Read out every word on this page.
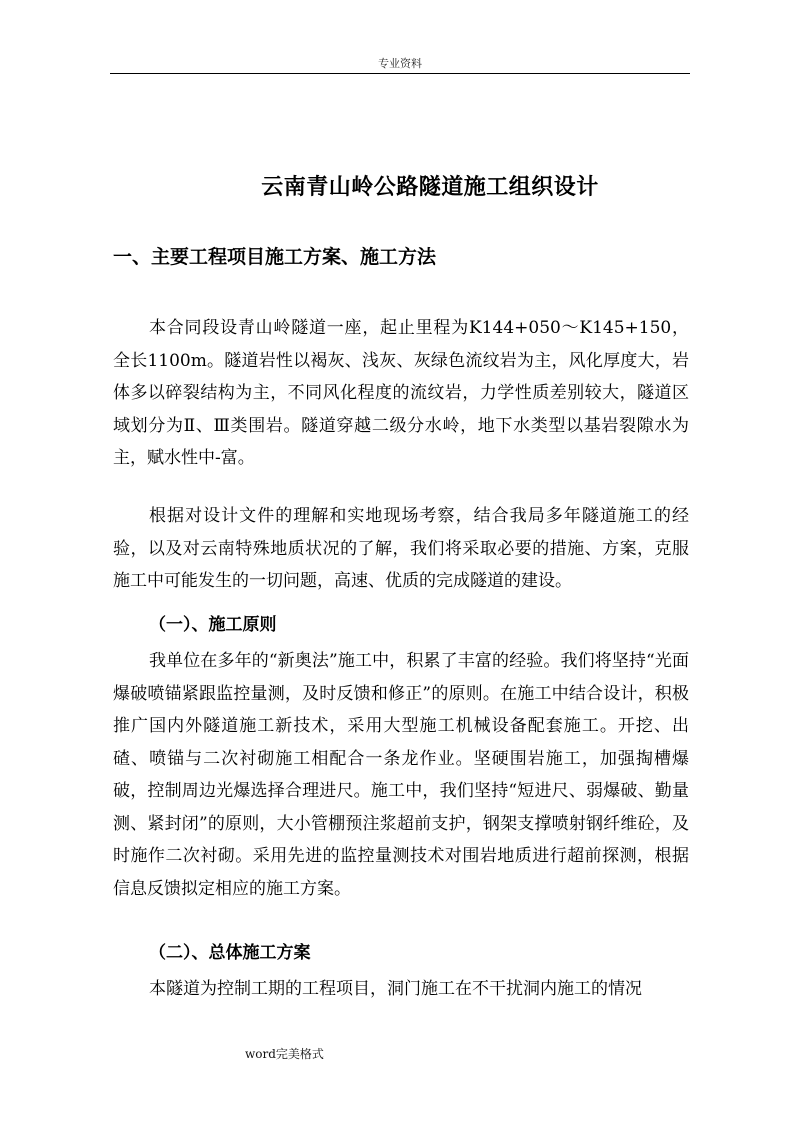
专业资料
云南青山岭公路隧道施工组织设计
一、主要工程项目施工方案、施工方法

本合同段设青山岭隧道一座，起止里程为K144+050～K145+150，全长1100m。隧道岩性以褐灰、浅灰、灰绿色流纹岩为主，风化厚度大，岩体多以碎裂结构为主，不同风化程度的流纹岩，力学性质差别较大，隧道区域划分为Ⅱ、Ⅲ类围岩。隧道穿越二级分水岭，地下水类型以基岩裂隙水为主，赋水性中-富。

根据对设计文件的理解和实地现场考察，结合我局多年隧道施工的经验，以及对云南特殊地质状况的了解，我们将采取必要的措施、方案，克服施工中可能发生的一切问题，高速、优质的完成隧道的建设。

（一）、施工原则

我单位在多年的“新奥法”施工中，积累了丰富的经验。我们将坚持“光面爆破喷锚紧跟监控量测，及时反馈和修正”的原则。在施工中结合设计，积极推广国内外隧道施工新技术，采用大型施工机械设备配套施工。开挖、出碴、喷锚与二次衬砌施工相配合一条龙作业。坚硬围岩施工，加强掏槽爆破，控制周边光爆选择合理进尺。施工中，我们坚持“短进尺、弱爆破、勤量测、紧封闭”的原则，大小管棚预注浆超前支护，钢架支撑喷射钢纤维砼，及时施作二次衬砌。采用先进的监控量测技术对围岩地质进行超前探测，根据信息反馈拟定相应的施工方案。

（二）、总体施工方案

本隧道为控制工期的工程项目，洞门施工在不干扰洞内施工的情况

word完美格式
